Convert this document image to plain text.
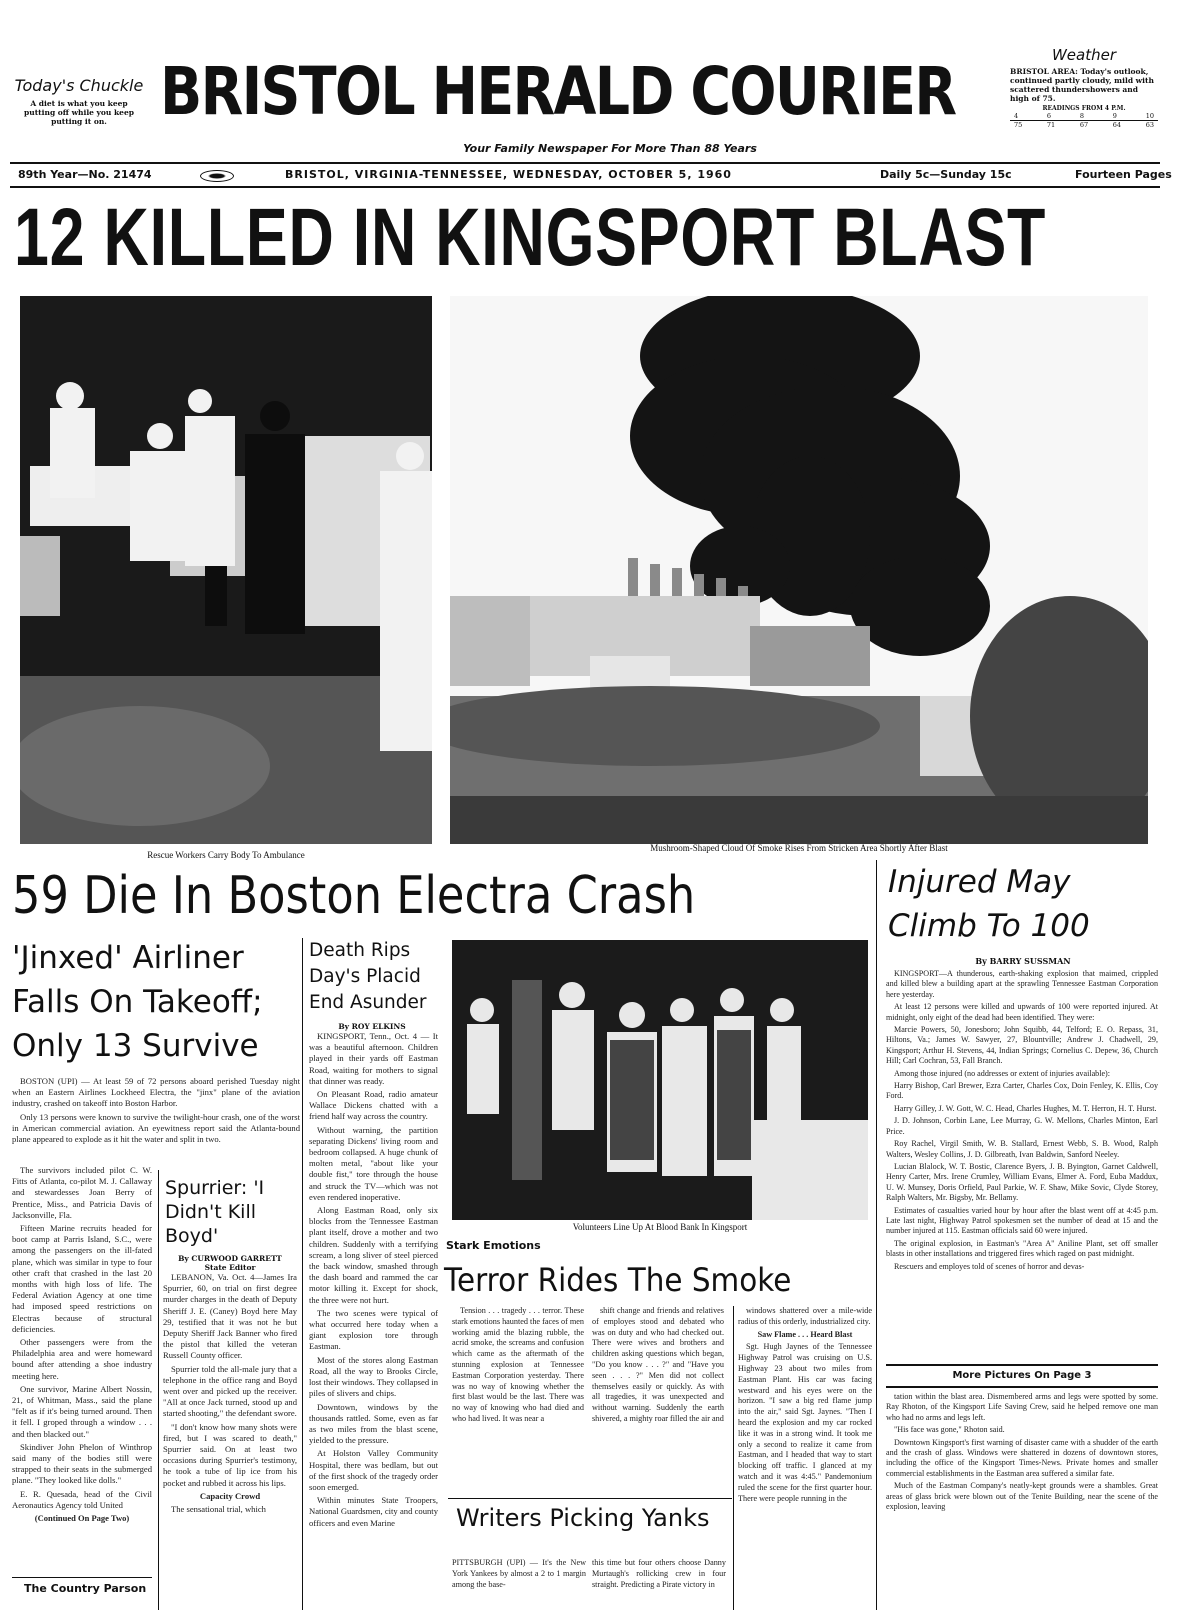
Today's Chuckle
A diet is what you keep putting off while you keep putting it on. BRISTOL HERALD COURIER
Your Family Newspaper For More Than 88 Years
Weather
BRISTOL AREA: Today's outlook, continued partly cloudy, mild with scattered thundershowers and high of 75.
READINGS FROM 4 P.M.
4	6	8	9	10
75	71	67	64	63
89th Year—No. 21474	BRISTOL, VIRGINIA-TENNESSEE, WEDNESDAY, OCTOBER 5, 1960	Daily 5c—Sunday 15c	Fourteen Pages
12 KILLED IN KINGSPORT BLAST
Rescue Workers Carry Body To Ambulance
Mushroom-Shaped Cloud Of Smoke Rises From Stricken Area Shortly After Blast
59 Die In Boston Electra Crash
'Jinxed' Airliner Falls On Takeoff; Only 13 Survive

BOSTON (UPI) — At least 59 of 72 persons aboard perished Tuesday night when an Eastern Airlines Lockheed Electra, the "jinx" plane of the aviation industry, crashed on takeoff into Boston Harbor.

Only 13 persons were known to survive the twilight-hour crash, one of the worst in American commercial aviation. An eyewitness report said the Atlanta-bound plane appeared to explode as it hit the water and split in two.

The survivors included pilot C. W. Fitts of Atlanta, co-pilot M. J. Callaway and stewardesses Joan Berry of Prentice, Miss., and Patricia Davis of Jacksonville, Fla.

Fifteen Marine recruits headed for boot camp at Parris Island, S.C., were among the passengers on the ill-fated plane, which was similar in type to four other craft that crashed in the last 20 months with high loss of life. The Federal Aviation Agency at one time had imposed speed restrictions on Electras because of structural deficiencies.

Other passengers were from the Philadelphia area and were homeward bound after attending a shoe industry meeting here.

One survivor, Marine Albert Nossin, 21, of Whitman, Mass., said the plane "felt as if it's being turned around. Then it fell. I groped through a window . . . and then blacked out."

Skindiver John Phelon of Winthrop said many of the bodies still were strapped to their seats in the submerged plane. "They looked like dolls."

E. R. Quesada, head of the Civil Aeronautics Agency told United

(Continued On Page Two)
The Country Parson
Spurrier: 'I Didn't Kill Boyd'
By CURWOOD GARRETT
State Editor

LEBANON, Va. Oct. 4—James Ira Spurrier, 60, on trial on first degree murder charges in the death of Deputy Sheriff J. E. (Caney) Boyd here May 29, testified that it was not he but Deputy Sheriff Jack Banner who fired the pistol that killed the veteran Russell County officer.

Spurrier told the all-male jury that a telephone in the office rang and Boyd went over and picked up the receiver. "All at once Jack turned, stood up and started shooting," the defendant swore.

"I don't know how many shots were fired, but I was scared to death," Spurrier said. On at least two occasions during Spurrier's testimony, he took a tube of lip ice from his pocket and rubbed it across his lips.

Capacity Crowd

The sensational trial, which

Death Rips Day's Placid End Asunder
By ROY ELKINS

KINGSPORT, Tenn., Oct. 4 — It was a beautiful afternoon. Children played in their yards off Eastman Road, waiting for mothers to signal that dinner was ready.

On Pleasant Road, radio amateur Wallace Dickens chatted with a friend half way across the country.

Without warning, the partition separating Dickens' living room and bedroom collapsed. A huge chunk of molten metal, "about like your double fist," tore through the house and struck the TV—which was not even rendered inoperative.

Along Eastman Road, only six blocks from the Tennessee Eastman plant itself, drove a mother and two children. Suddenly with a terrifying scream, a long sliver of steel pierced the back window, smashed through the dash board and rammed the car motor killing it. Except for shock, the three were not hurt.

The two scenes were typical of what occurred here today when a giant explosion tore through Eastman.

Most of the stores along Eastman Road, all the way to Brooks Circle, lost their windows. They collapsed in piles of slivers and chips.

Downtown, windows by the thousands rattled. Some, even as far as two miles from the blast scene, yielded to the pressure.

At Holston Valley Community Hospital, there was bedlam, but out of the first shock of the tragedy order soon emerged.

Within minutes State Troopers, National Guardsmen, city and county officers and even Marine

Volunteers Line Up At Blood Bank In Kingsport
Stark Emotions
Terror Rides The Smoke
Tension . . . tragedy . . . terror. These stark emotions haunted the faces of men working amid the blazing rubble, the acrid smoke, the screams and confusion which came as the aftermath of the stunning explosion at Tennessee Eastman Corporation yesterday. There was no way of knowing whether the first blast would be the last. There was no way of knowing who had died and who had lived. It was near a
shift change and friends and relatives of employes stood and debated who was on duty and who had checked out. There were wives and brothers and children asking questions which began, "Do you know . . . ?" and "Have you seen . . . ?" Men did not collect themselves easily or quickly. As with all tragedies, it was unexpected and without warning. Suddenly the earth shivered, a mighty roar filled the air and

windows shattered over a mile-wide radius of this orderly, industrialized city.

Saw Flame . . . Heard Blast

Sgt. Hugh Jaynes of the Tennessee Highway Patrol was cruising on U.S. Highway 23 about two miles from Eastman Plant. His car was facing westward and his eyes were on the horizon. "I saw a big red flame jump into the air," said Sgt. Jaynes. "Then I heard the explosion and my car rocked like it was in a strong wind. It took me only a second to realize it came from Eastman, and I headed that way to start blocking off traffic. I glanced at my watch and it was 4:45." Pandemonium ruled the scene for the first quarter hour. There were people running in the

Writers Picking Yanks
PITTSBURGH (UPI) — It's the New York Yankees by almost a 2 to 1 margin among the base-
this time but four others choose Danny Murtaugh's rollicking crew in four straight. Predicting a Pirate victory in
Injured May Climb To 100
By BARRY SUSSMAN

KINGSPORT—A thunderous, earth-shaking explosion that maimed, crippled and killed blew a building apart at the sprawling Tennessee Eastman Corporation here yesterday.

At least 12 persons were killed and upwards of 100 were reported injured. At midnight, only eight of the dead had been identified. They were:

Marcie Powers, 50, Jonesboro; John Squibb, 44, Telford; E. O. Repass, 31, Hiltons, Va.; James W. Sawyer, 27, Blountville; Andrew J. Chadwell, 29, Kingsport; Arthur H. Stevens, 44, Indian Springs; Cornelius C. Depew, 36, Church Hill; Carl Cochran, 53, Fall Branch.

Among those injured (no addresses or extent of injuries available):

Harry Bishop, Carl Brewer, Ezra Carter, Charles Cox, Doin Fenley, K. Ellis, Coy Ford.

Harry Gilley, J. W. Gott, W. C. Head, Charles Hughes, M. T. Herron, H. T. Hurst.

J. D. Johnson, Corbin Lane, Lee Murray, G. W. Mellons, Charles Minton, Earl Price.

Roy Rachel, Virgil Smith, W. B. Stallard, Ernest Webb, S. B. Wood, Ralph Walters, Wesley Collins, J. D. Gilbreath, Ivan Baldwin, Sanford Neeley.

Lucian Blalock, W. T. Bostic, Clarence Byers, J. B. Byington, Garnet Caldwell, Henry Carter, Mrs. Irene Crumley, William Evans, Elmer A. Ford, Euba Maddux, U. W. Munsey, Doris Orfield, Paul Parkie, W. F. Shaw, Mike Sovic, Clyde Storey, Ralph Walters, Mr. Bigsby, Mr. Bellamy.

Estimates of casualties varied hour by hour after the blast went off at 4:45 p.m. Late last night, Highway Patrol spokesmen set the number of dead at 15 and the number injured at 115. Eastman officials said 60 were injured.

The original explosion, in Eastman's "Area A" Aniline Plant, set off smaller blasts in other installations and triggered fires which raged on past midnight.

Rescuers and employes told of scenes of horror and devas-

More Pictures On Page 3

tation within the blast area. Dismembered arms and legs were spotted by some. Ray Rhoton, of the Kingsport Life Saving Crew, said he helped remove one man who had no arms and legs left.

"His face was gone," Rhoton said.

Downtown Kingsport's first warning of disaster came with a shudder of the earth and the crash of glass. Windows were shattered in dozens of downtown stores, including the office of the Kingsport Times-News. Private homes and smaller commercial establishments in the Eastman area suffered a similar fate.

Much of the Eastman Company's neatly-kept grounds were a shambles. Great areas of glass brick were blown out of the Tenite Building, near the scene of the explosion, leaving
